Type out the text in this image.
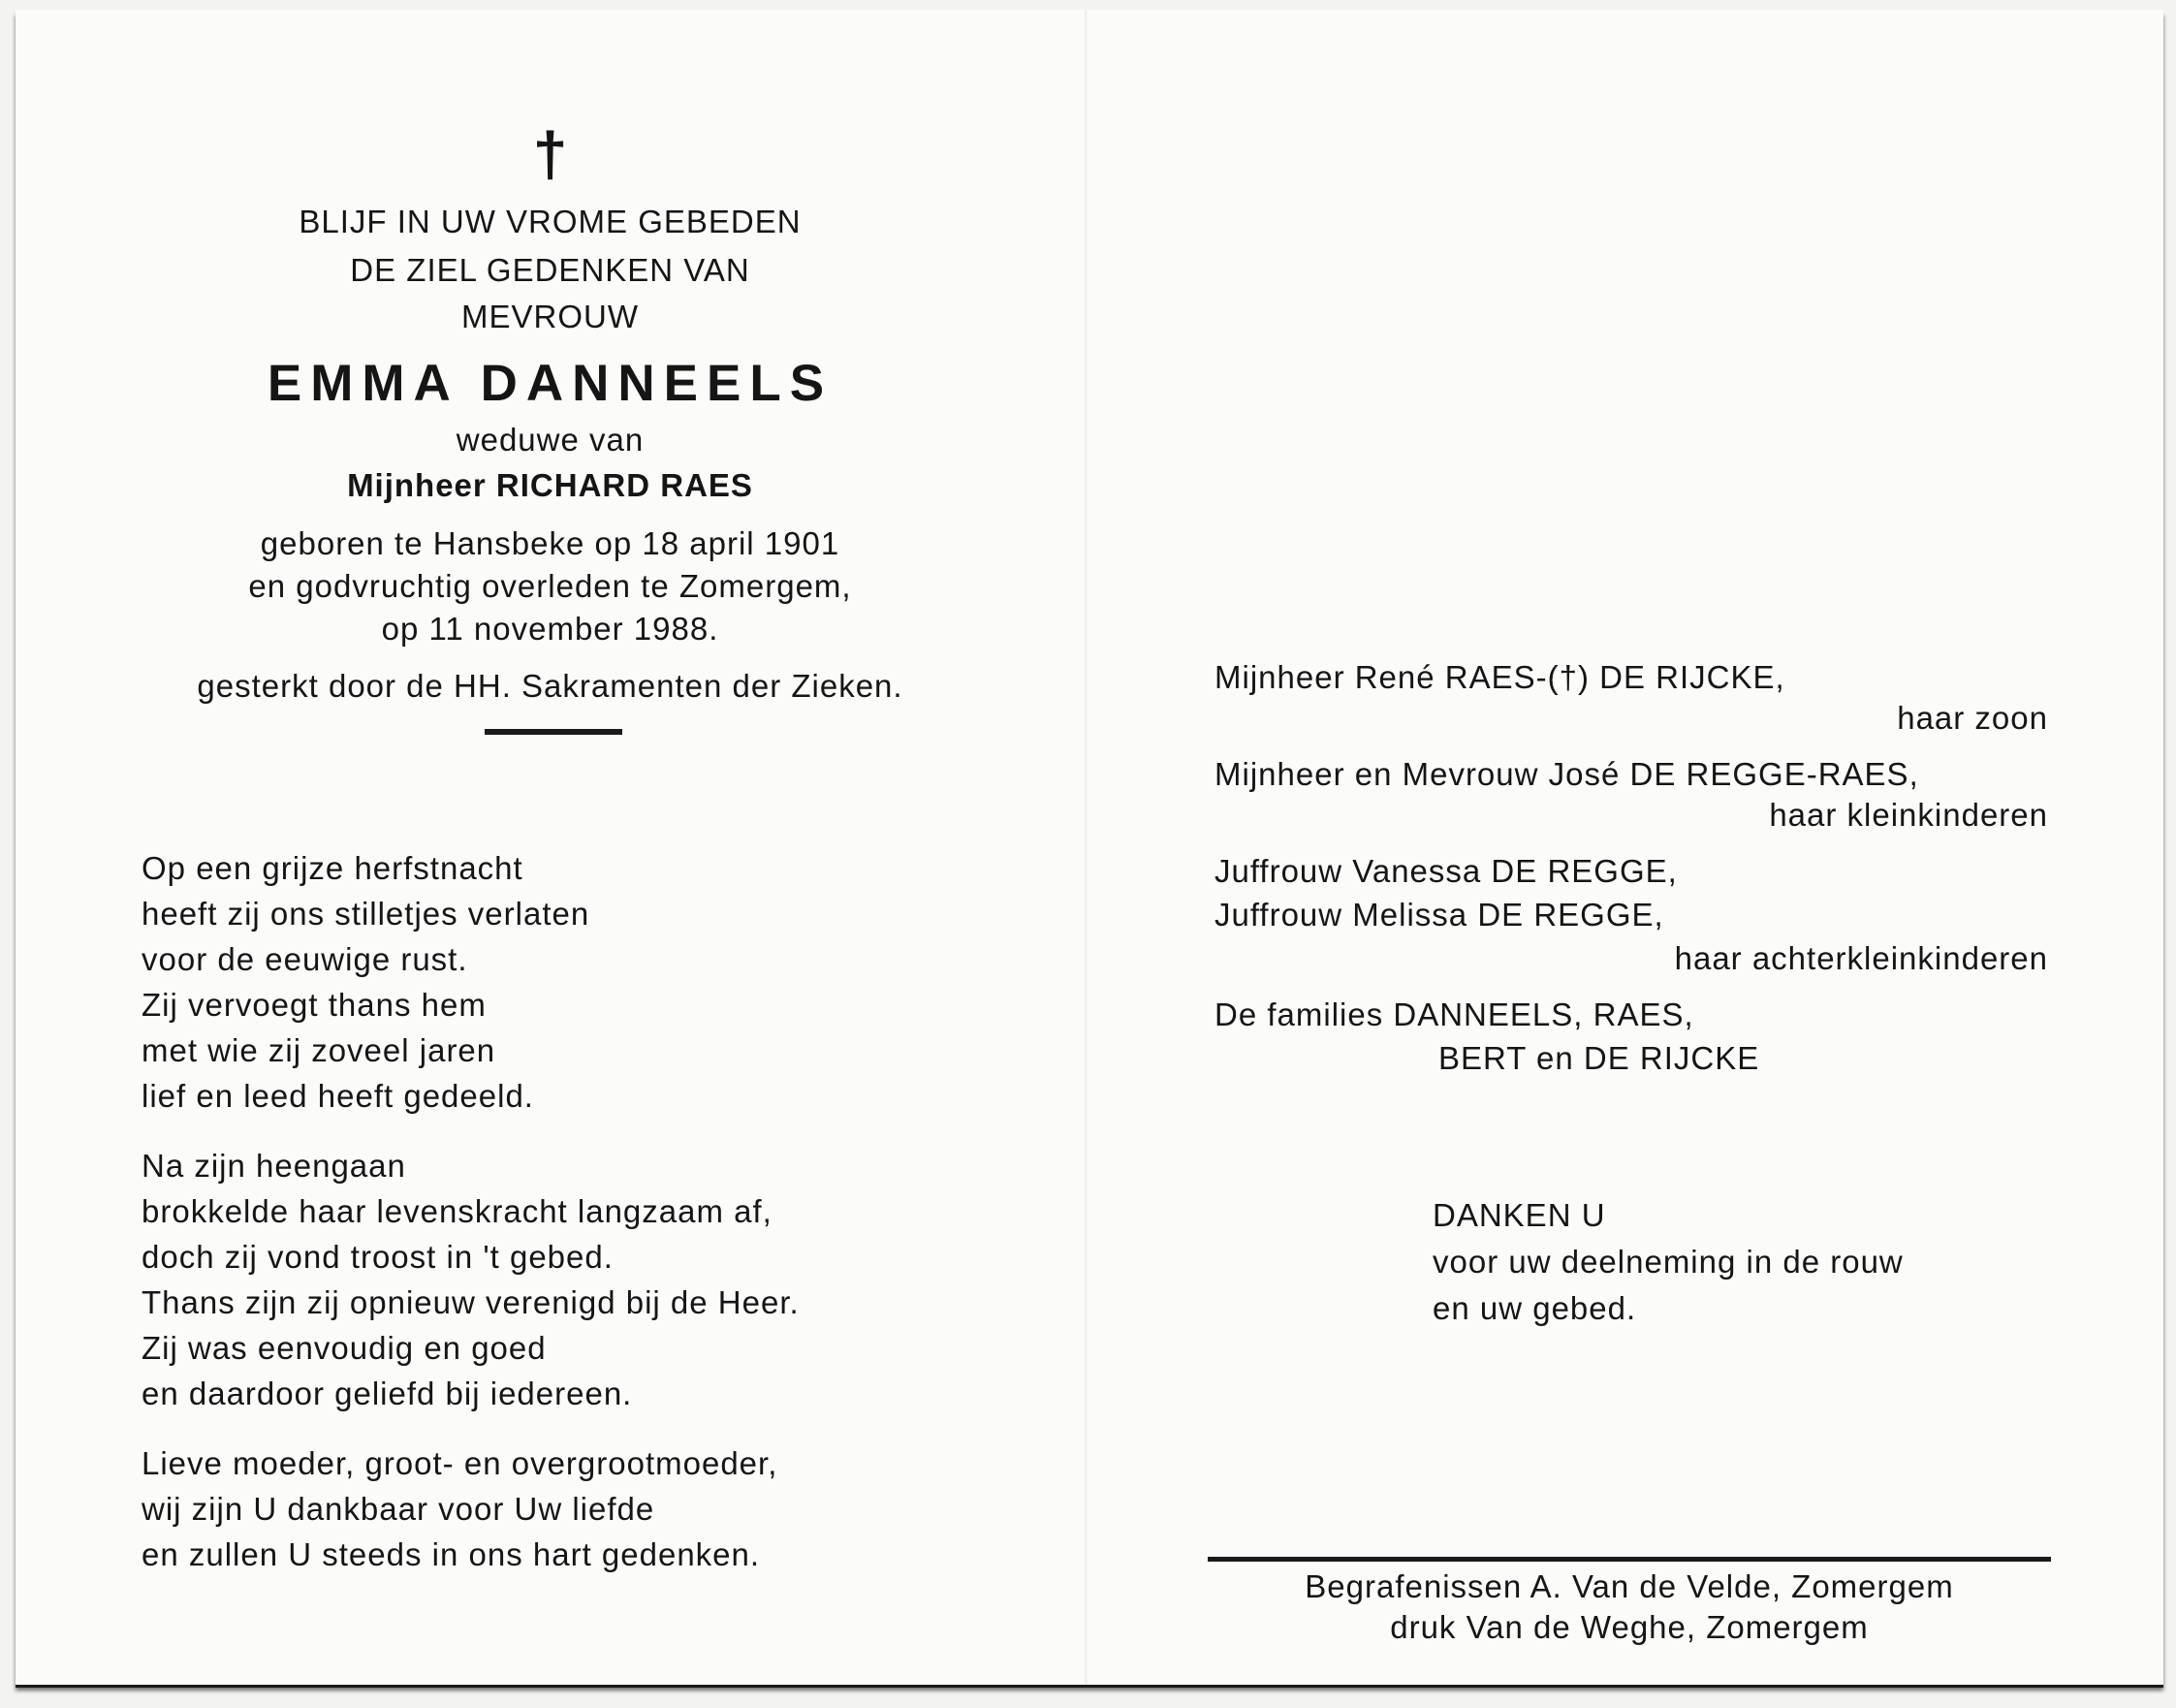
†
BLIJF IN UW VROME GEBEDEN
DE ZIEL GEDENKEN VAN
MEVROUW
EMMA DANNEELS
weduwe van
Mijnheer RICHARD RAES
geboren te Hansbeke op 18 april 1901
en godvruchtig overleden te Zomergem,
op 11 november 1988.
gesterkt door de HH. Sakramenten der Zieken.
Op een grijze herfstnacht
heeft zij ons stilletjes verlaten
voor de eeuwige rust.
Zij vervoegt thans hem
met wie zij zoveel jaren
lief en leed heeft gedeeld.
Na zijn heengaan
brokkelde haar levenskracht langzaam af,
doch zij vond troost in 't gebed.
Thans zijn zij opnieuw verenigd bij de Heer.
Zij was eenvoudig en goed
en daardoor geliefd bij iedereen.
Lieve moeder, groot- en overgrootmoeder,
wij zijn U dankbaar voor Uw liefde
en zullen U steeds in ons hart gedenken.
Mijnheer René RAES-(†) DE RIJCKE,
haar zoon
Mijnheer en Mevrouw José DE REGGE-RAES,
haar kleinkinderen
Juffrouw Vanessa DE REGGE,
Juffrouw Melissa DE REGGE,
haar achterkleinkinderen
De families DANNEELS, RAES,
BERT en DE RIJCKE
DANKEN U
voor uw deelneming in de rouw
en uw gebed.
Begrafenissen A. Van de Velde, Zomergem
druk Van de Weghe, Zomergem
